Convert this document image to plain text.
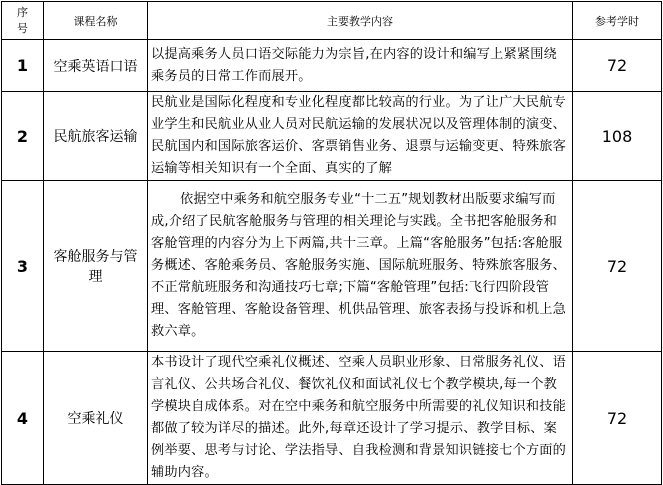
序号	课程名称	主要教学内容	参考学时
1	空乘英语口语	以提高乘务人员口语交际能力为宗旨,在内容的设计和编写上紧紧围绕乘务员的日常工作而展开。	72
2	民航旅客运输	民航业是国际化程度和专业化程度都比较高的行业。为了让广大民航专业学生和民航业从业人员对民航运输的发展状况以及管理体制的演变、民航国内和国际旅客运价、客票销售业务、退票与运输变更、特殊旅客运输等相关知识有一个全面、真实的了解	108
3	客舱服务与管理	依据空中乘务和航空服务专业“十二五”规划教材出版要求编写而成,介绍了民航客舱服务与管理的相关理论与实践。全书把客舱服务和客舱管理的内容分为上下两篇,共十三章。上篇“客舱服务”包括:客舱服务概述、客舱乘务员、客舱服务实施、国际航班服务、特殊旅客服务、不正常航班服务和沟通技巧七章;下篇“客舱管理”包括:飞行四阶段管理、客舱管理、客舱设备管理、机供品管理、旅客表扬与投诉和机上急救六章。	72
4	空乘礼仪	本书设计了现代空乘礼仪概述、空乘人员职业形象、日常服务礼仪、语言礼仪、公共场合礼仪、餐饮礼仪和面试礼仪七个教学模块,每一个教学模块自成体系。对在空中乘务和航空服务中所需要的礼仪知识和技能都做了较为详尽的描述。此外,每章还设计了学习提示、教学目标、案例举要、思考与讨论、学法指导、自我检测和背景知识链接七个方面的辅助内容。	72
